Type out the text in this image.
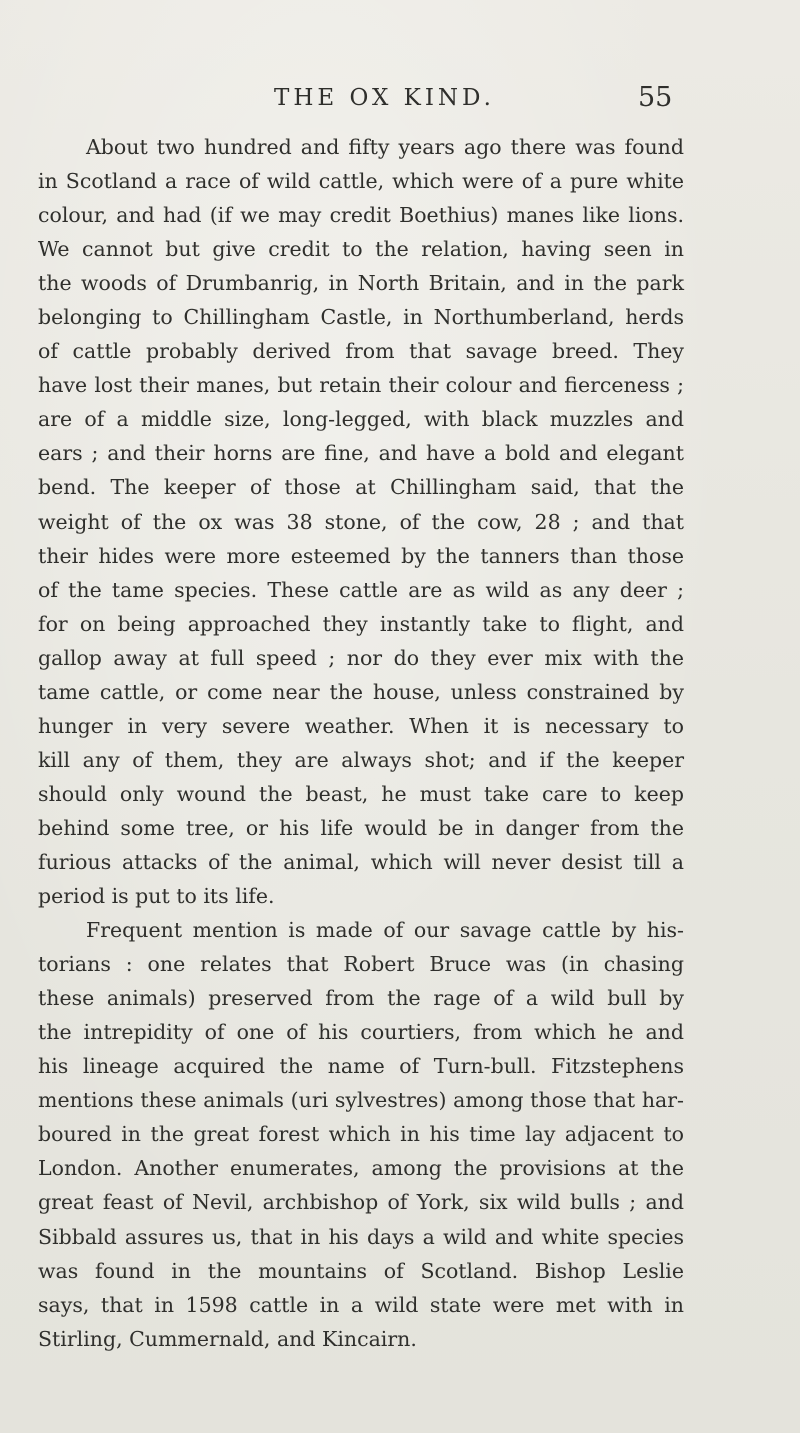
THE OX KIND.	55
About two hundred and fifty years ago there was found
in Scotland a race of wild cattle, which were of a pure white
colour, and had (if we may credit Boethius) manes like lions.
We cannot but give credit to the relation, having seen in
the woods of Drumbanrig, in North Britain, and in the park
belonging to Chillingham Castle, in Northumberland, herds
of cattle probably derived from that savage breed. They
have lost their manes, but retain their colour and fierceness ;
are of a middle size, long-legged, with black muzzles and
ears ; and their horns are fine, and have a bold and elegant
bend. The keeper of those at Chillingham said, that the
weight of the ox was 38 stone, of the cow, 28 ; and that
their hides were more esteemed by the tanners than those
of the tame species. These cattle are as wild as any deer ;
for on being approached they instantly take to flight, and
gallop away at full speed ; nor do they ever mix with the
tame cattle, or come near the house, unless constrained by
hunger in very severe weather. When it is necessary to
kill any of them, they are always shot; and if the keeper
should only wound the beast, he must take care to keep
behind some tree, or his life would be in danger from the
furious attacks of the animal, which will never desist till a
period is put to its life.
Frequent mention is made of our savage cattle by his-
torians : one relates that Robert Bruce was (in chasing
these animals) preserved from the rage of a wild bull by
the intrepidity of one of his courtiers, from which he and
his lineage acquired the name of Turn-bull. Fitzstephens
mentions these animals (uri sylvestres) among those that har-
boured in the great forest which in his time lay adjacent to
London. Another enumerates, among the provisions at the
great feast of Nevil, archbishop of York, six wild bulls ; and
Sibbald assures us, that in his days a wild and white species
was found in the mountains of Scotland. Bishop Leslie
says, that in 1598 cattle in a wild state were met with in
Stirling, Cummernald, and Kincairn.
